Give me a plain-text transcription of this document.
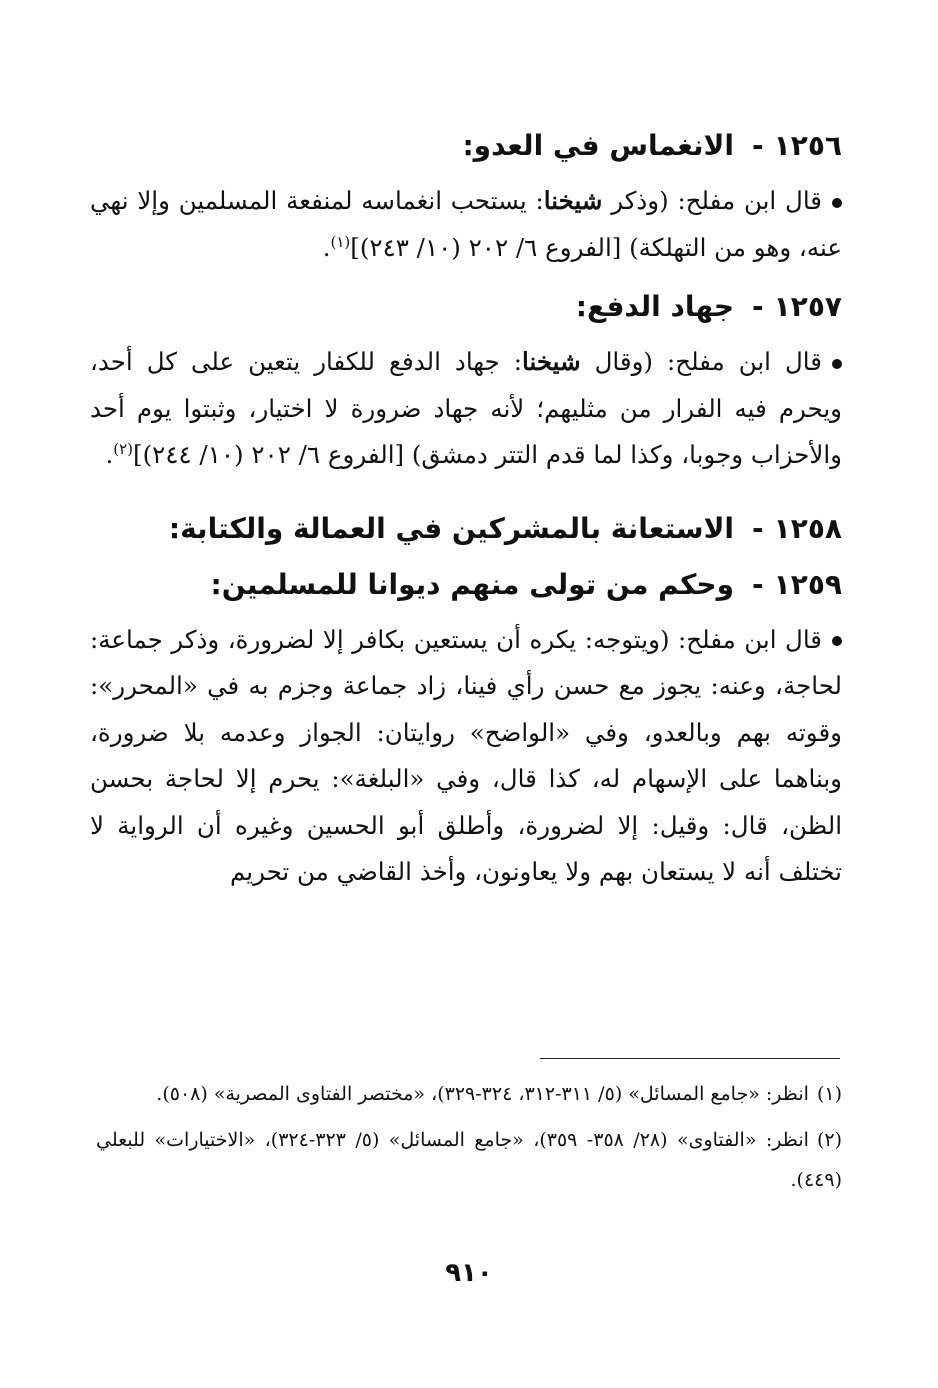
١٢٥٦-الانغماس في العدو:

قال ابن مفلح: (وذكر شيخنا: يستحب انغماسه لمنفعة المسلمين وإلا نهي عنه، وهو من التهلكة) [الفروع ٦/ ٢٠٢ (١٠/ ٢٤٣)]$^{(١)}$.

١٢٥٧-جهاد الدفع:

قال ابن مفلح: (وقال شيخنا: جهاد الدفع للكفار يتعين على كل أحد، ويحرم فيه الفرار من مثليهم؛ لأنه جهاد ضرورة لا اختيار، وثبتوا يوم أحد والأحزاب وجوبا، وكذا لما قدم التتر دمشق) [الفروع ٦/ ٢٠٢ (١٠/ ٢٤٤)]$^{(٢)}$.

١٢٥٨-الاستعانة بالمشركين في العمالة والكتابة:
١٢٥٩-وحكم من تولى منهم ديوانا للمسلمين:

قال ابن مفلح: (ويتوجه: يكره أن يستعين بكافر إلا لضرورة، وذكر جماعة: لحاجة، وعنه: يجوز مع حسن رأي فينا، زاد جماعة وجزم به في «المحرر»: وقوته بهم وبالعدو، وفي «الواضح» روايتان: الجواز وعدمه بلا ضرورة، وبناهما على الإسهام له، كذا قال، وفي «البلغة»: يحرم إلا لحاجة بحسن الظن، قال: وقيل: إلا لضرورة، وأطلق أبو الحسين وغيره أن الرواية لا تختلف أنه لا يستعان بهم ولا يعاونون، وأخذ القاضي من تحريم

(١)انظر: «جامع المسائل» (٥/ ٣١١-٣١٢، ٣٢٤-٣٢٩)، «مختصر الفتاوى المصرية» (٥٠٨).

(٢)انظر: «الفتاوى» (٢٨/ ٣٥٨- ٣٥٩)، «جامع المسائل» (٥/ ٣٢٣-٣٢٤)، «الاختيارات» للبعلي (٤٤٩).

٩١٠
